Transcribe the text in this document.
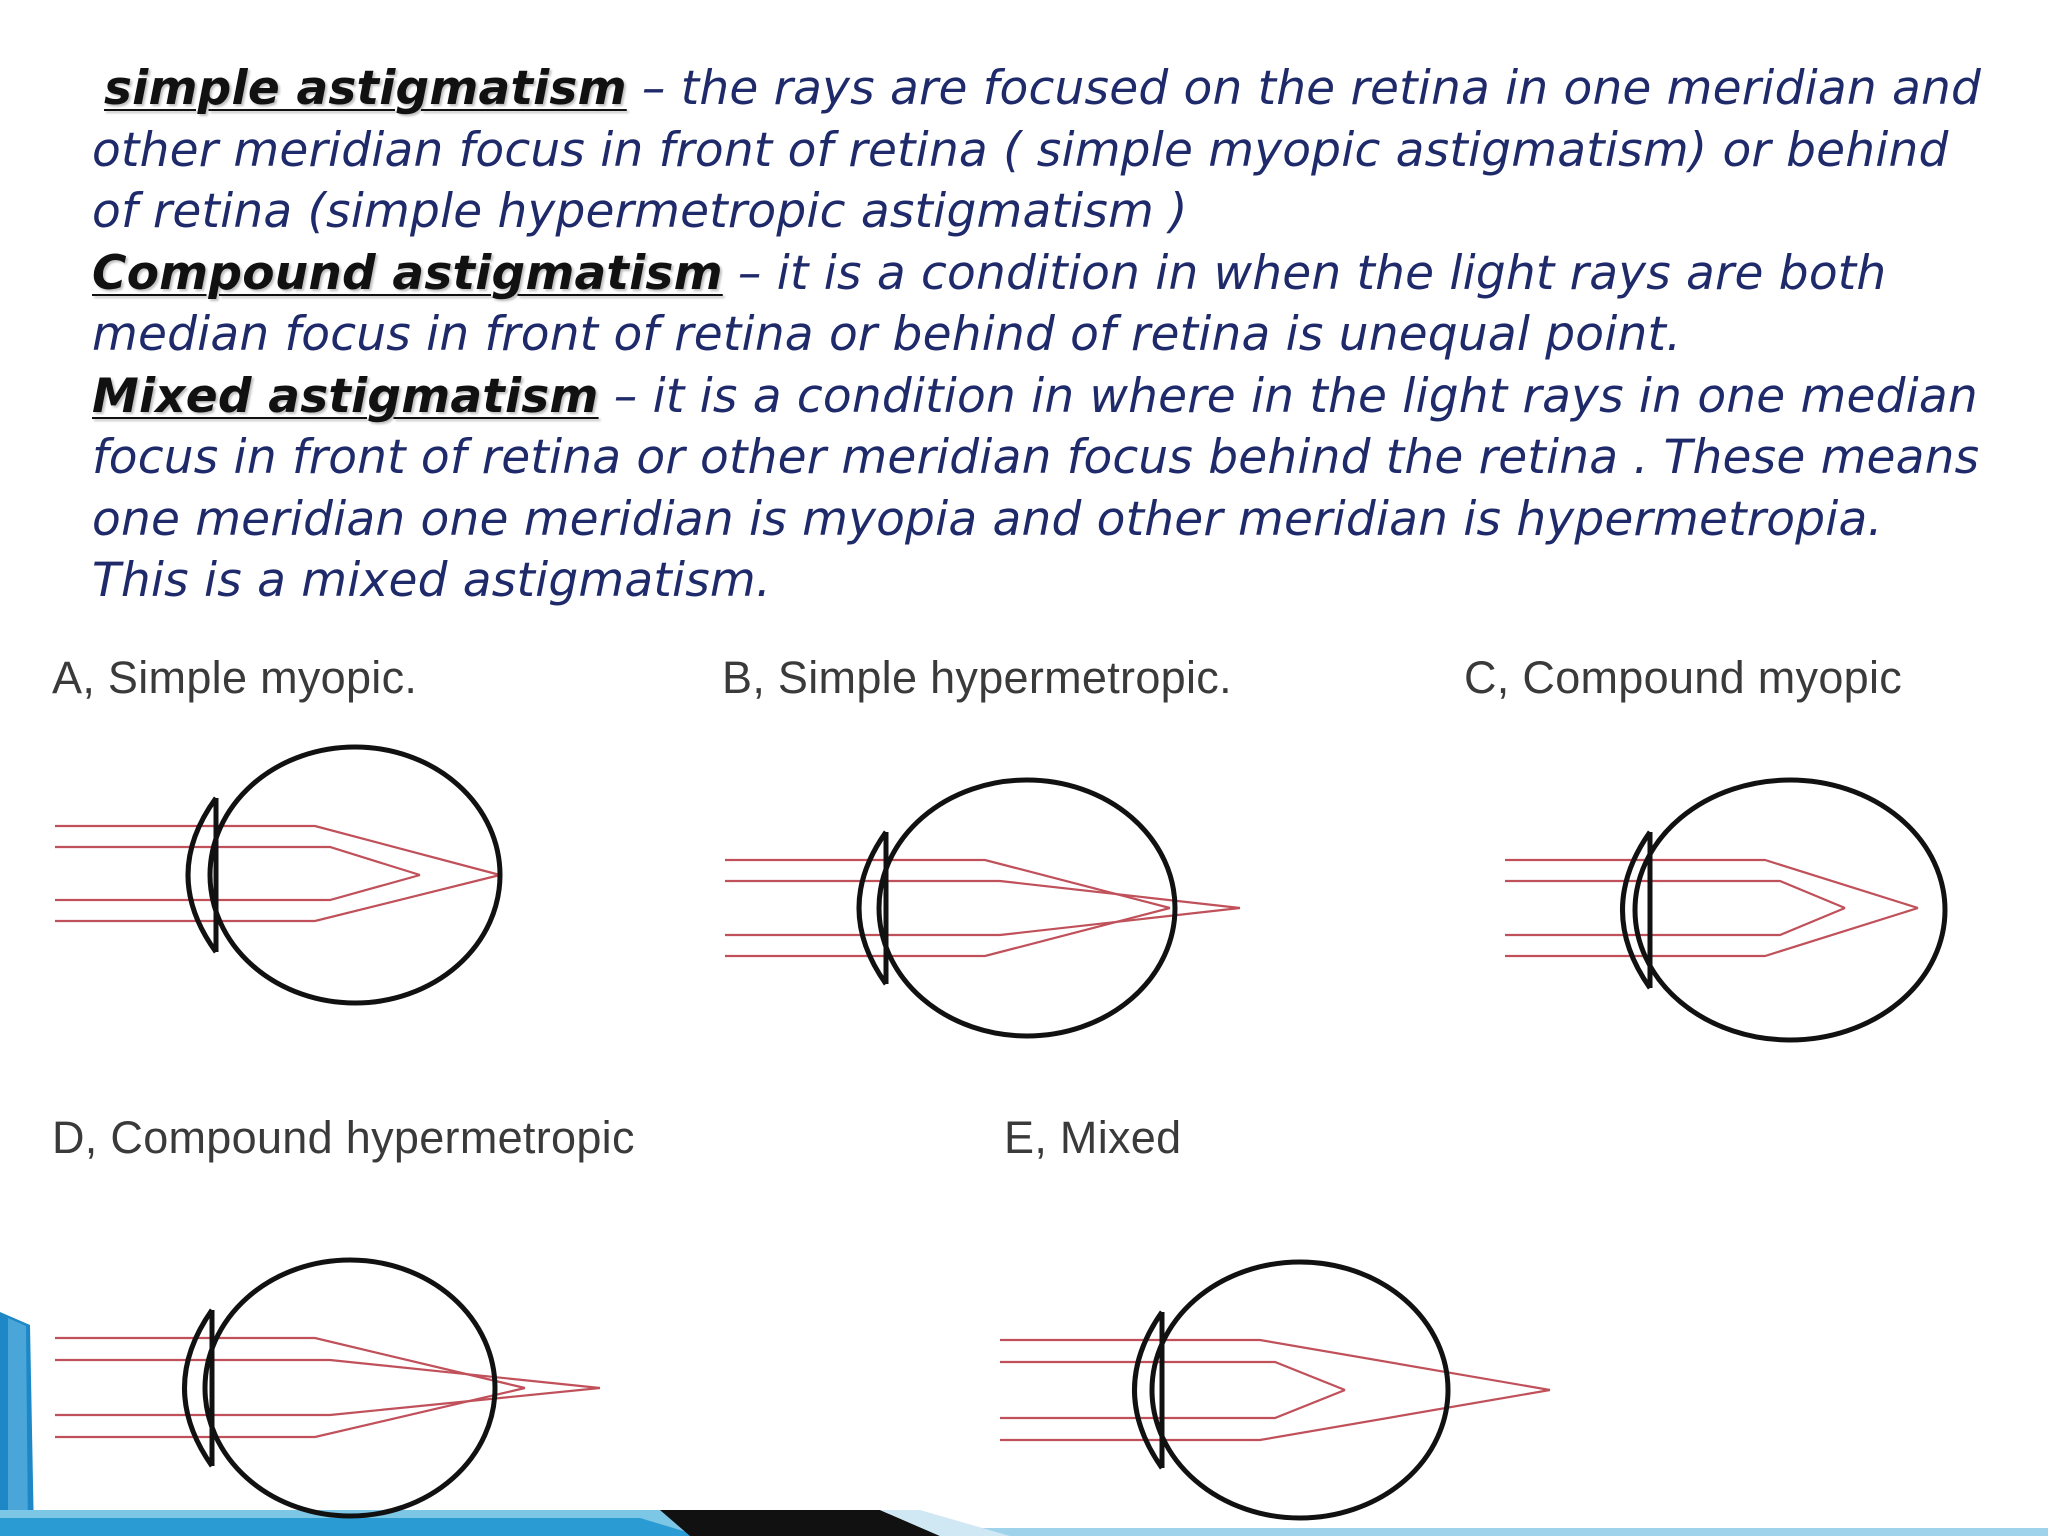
simple astigmatism – the rays are focused on the retina in one meridian and other meridian focus in front of retina ( simple myopic astigmatism) or behind of retina (simple hypermetropic astigmatism )
Compound astigmatism – it is a condition in when the light rays are both median focus in front of retina or behind of retina is unequal point.
Mixed astigmatism – it is a condition in where in the light rays in one median focus in front of retina or other meridian focus behind the retina . These means one meridian one meridian is myopia and other meridian is hypermetropia. This is a mixed astigmatism.
A, Simple myopic.	B, Simple hypermetropic.	C, Compound myopic
D, Compound hypermetropic	E, Mixed
